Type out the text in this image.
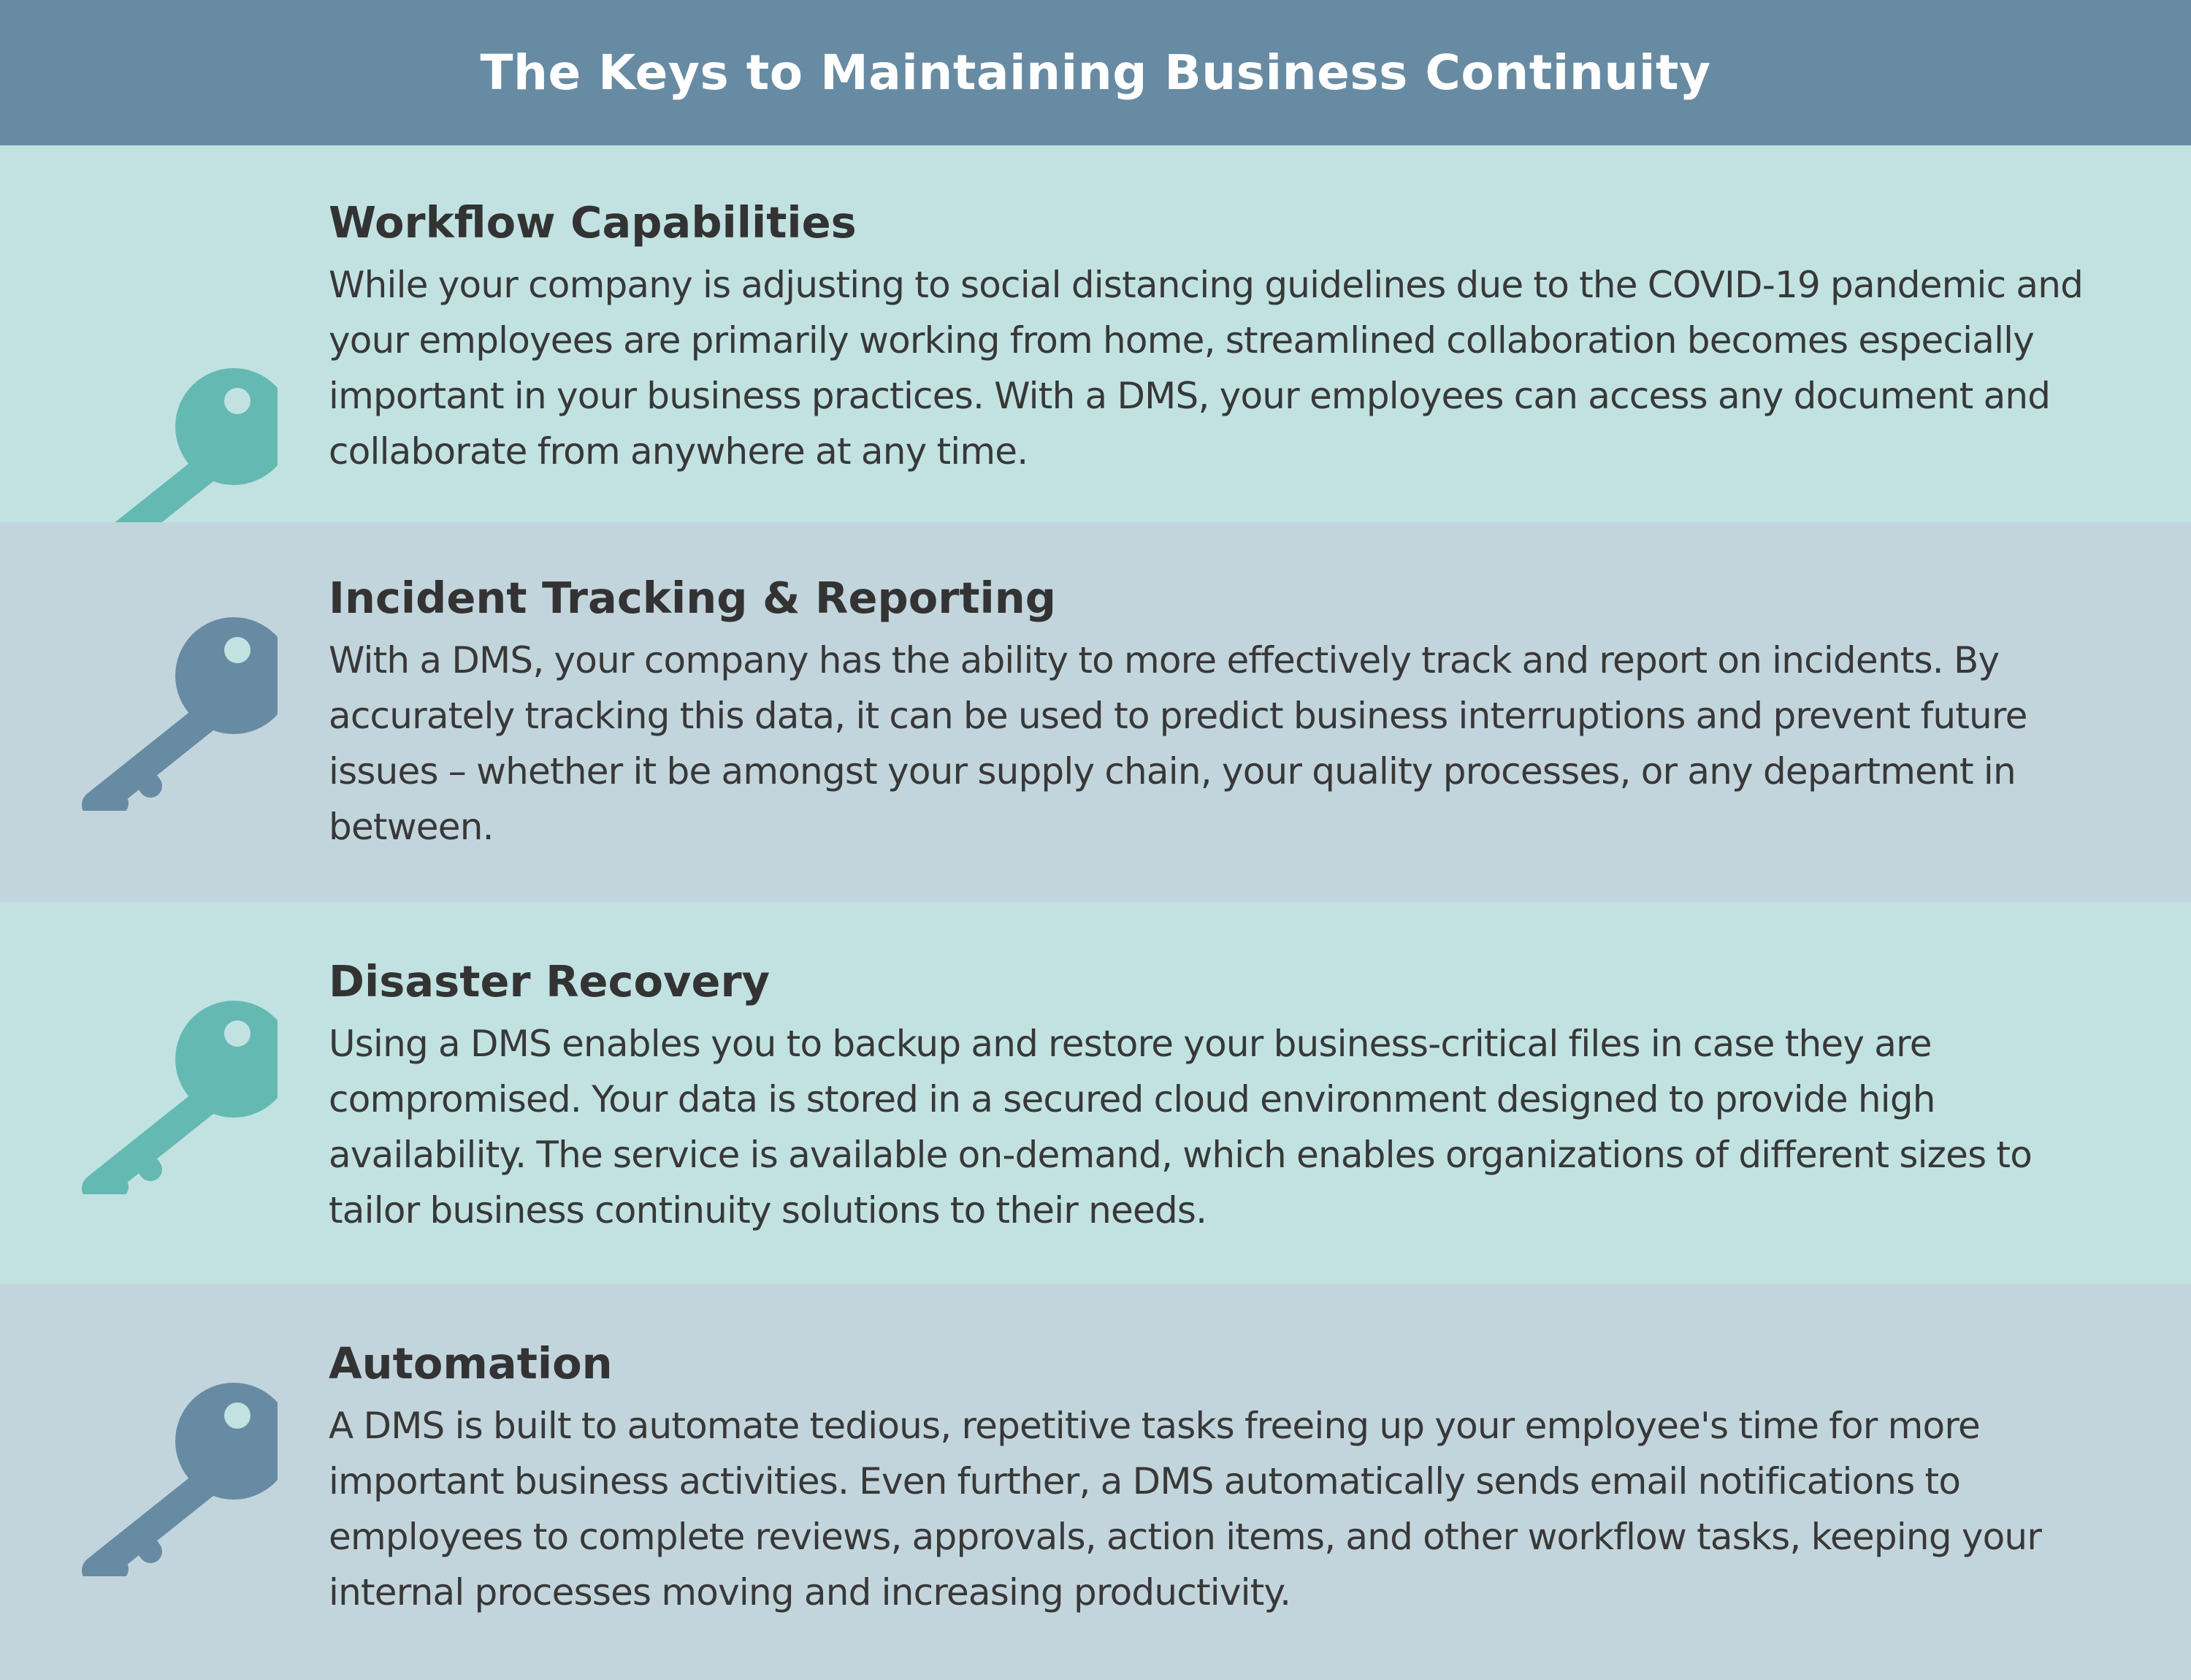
The Keys to Maintaining Business Continuity
Workflow Capabilities

While your company is adjusting to social distancing guidelines due to the COVID-19 pandemic and your employees are primarily working from home, streamlined collaboration becomes especially important in your business practices. With a DMS, your employees can access any document and collaborate from anywhere at any time.

Incident Tracking & Reporting

With a DMS, your company has the ability to more effectively track and report on incidents. By accurately tracking this data, it can be used to predict business interruptions and prevent future issues – whether it be amongst your supply chain, your quality processes, or any department in between.

Disaster Recovery

Using a DMS enables you to backup and restore your business-critical files in case they are compromised. Your data is stored in a secured cloud environment designed to provide high availability. The service is available on-demand, which enables organizations of different sizes to tailor business continuity solutions to their needs.

Automation

A DMS is built to automate tedious, repetitive tasks freeing up your employee's time for more important business activities. Even further, a DMS automatically sends email notifications to employees to complete reviews, approvals, action items, and other workflow tasks, keeping your internal processes moving and increasing productivity.
